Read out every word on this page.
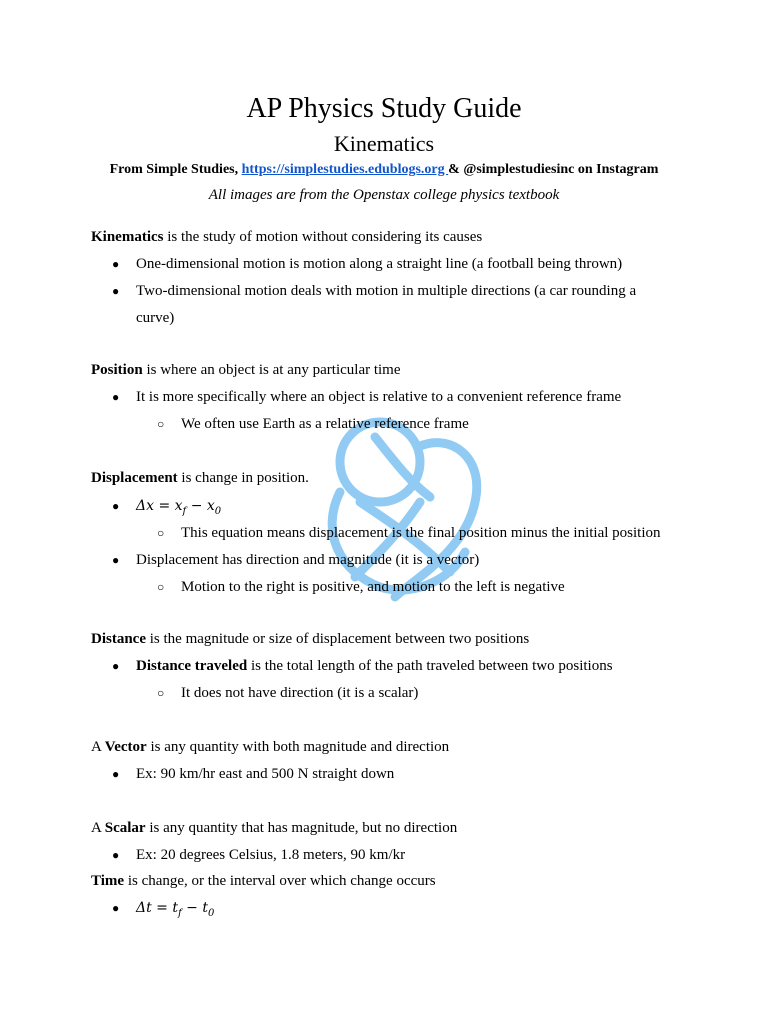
AP Physics Study Guide
Kinematics
From Simple Studies, https://simplestudies.edublogs.org & @simplestudiesinc on Instagram
All images are from the Openstax college physics textbook
Kinematics is the study of motion without considering its causes
● One-dimensional motion is motion along a straight line (a football being thrown)
● Two-dimensional motion deals with motion in multiple directions (a car rounding a
curve)
Position is where an object is at any particular time
● It is more specifically where an object is relative to a convenient reference frame
○ We often use Earth as a relative reference frame
Displacement is change in position.
● $\Delta x = x_f - x_0$
○ This equation means displacement is the final position minus the initial position
● Displacement has direction and magnitude (it is a vector)
○ Motion to the right is positive, and motion to the left is negative
Distance is the magnitude or size of displacement between two positions
● Distance traveled is the total length of the path traveled between two positions
○ It does not have direction (it is a scalar)
A Vector is any quantity with both magnitude and direction
● Ex: 90 km/hr east and 500 N straight down
A Scalar is any quantity that has magnitude, but no direction
● Ex: 20 degrees Celsius, 1.8 meters, 90 km/kr
Time is change, or the interval over which change occurs
● $\Delta t = t_f - t_0$
